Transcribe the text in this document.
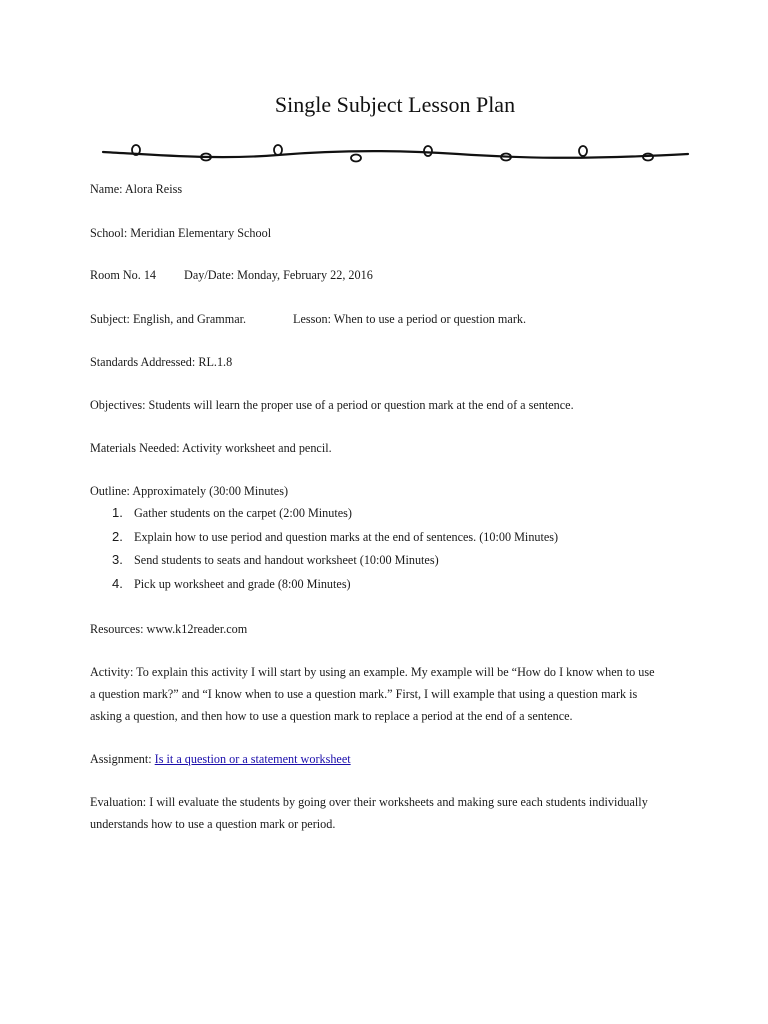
Single Subject Lesson Plan
Name: Alora Reiss
School: Meridian Elementary School
Room No. 14 Day/Date: Monday, February 22, 2016
Subject: English, and Grammar.	Lesson: When to use a period or question mark.
Standards Addressed: RL.1.8
Objectives: Students will learn the proper use of a period or question mark at the end of a sentence.
Materials Needed: Activity worksheet and pencil.
Outline: Approximately (30:00 Minutes)
1. Gather students on the carpet (2:00 Minutes)
2. Explain how to use period and question marks at the end of sentences. (10:00 Minutes)
3. Send students to seats and handout worksheet (10:00 Minutes)
4. Pick up worksheet and grade (8:00 Minutes)
Resources: www.k12reader.com
Activity: To explain this activity I will start by using an example. My example will be “How do I know when to use
a question mark?” and “I know when to use a question mark.” First, I will example that using a question mark is
asking a question, and then how to use a question mark to replace a period at the end of a sentence.
Assignment: Is it a question or a statement worksheet
Evaluation: I will evaluate the students by going over their worksheets and making sure each students individually
understands how to use a question mark or period.
